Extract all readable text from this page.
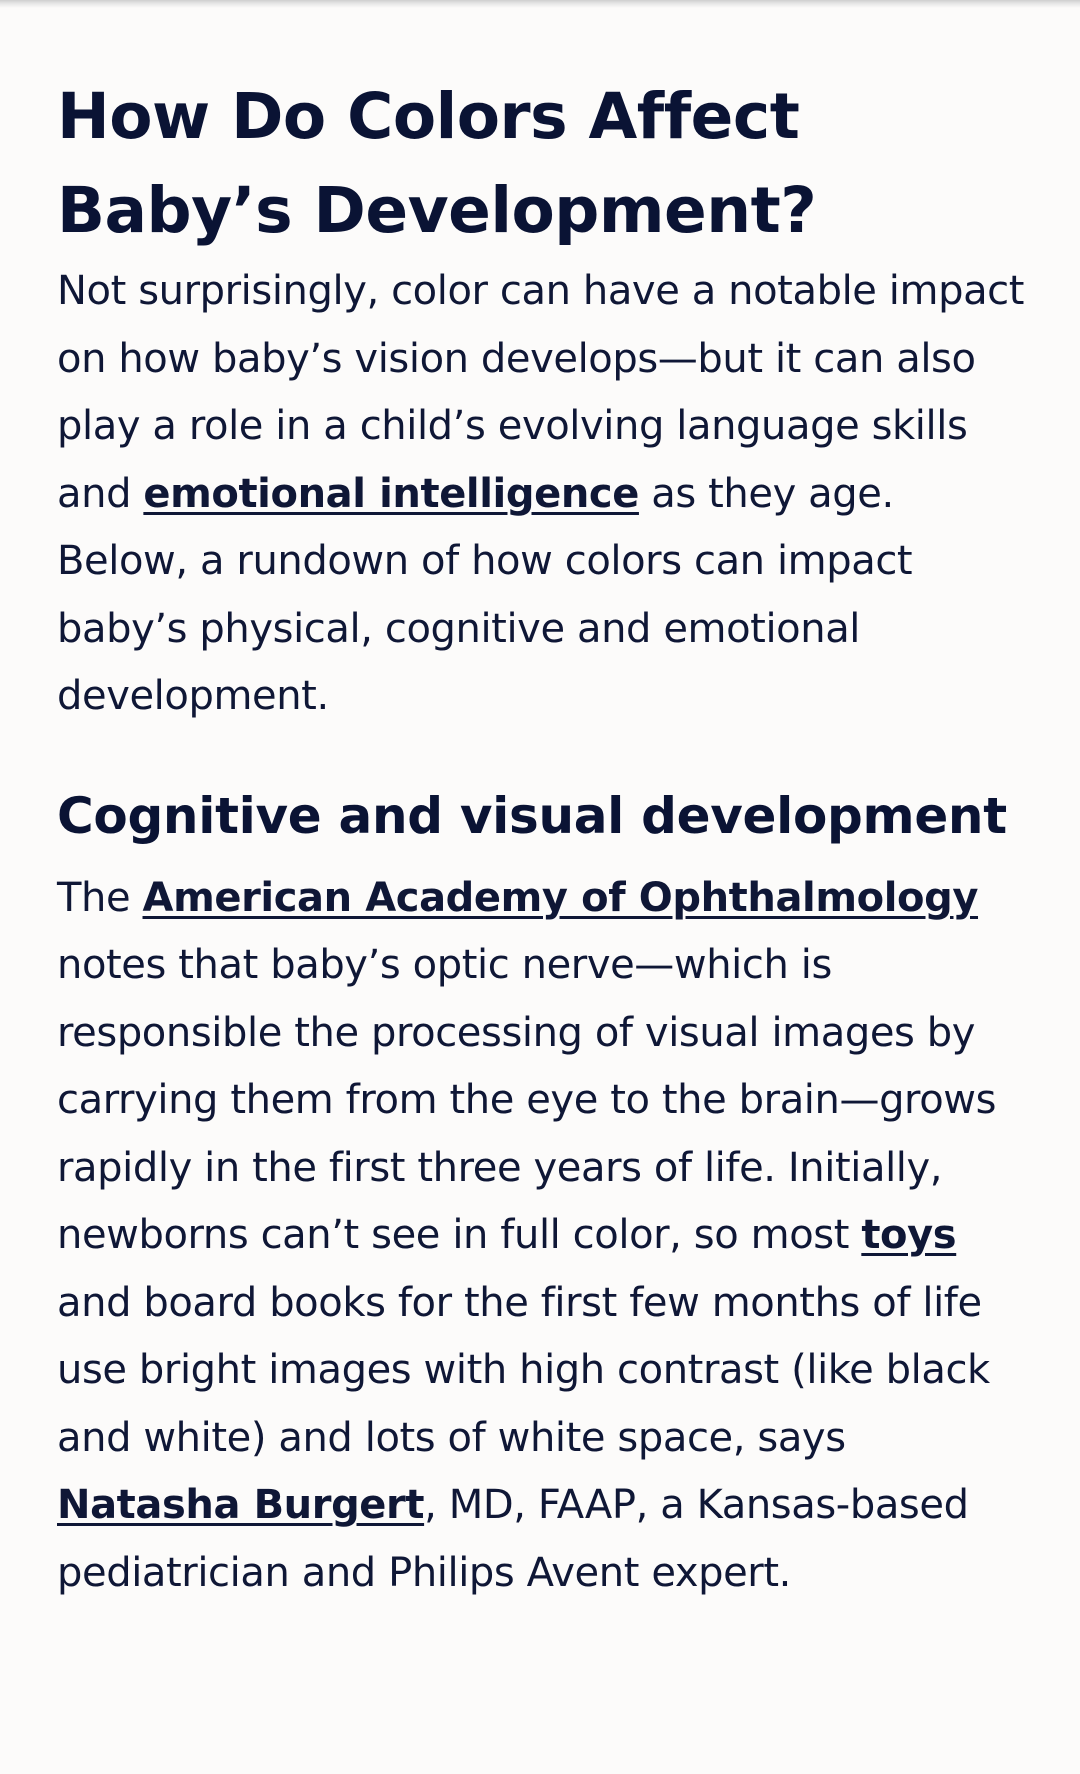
How Do Colors Affect Baby’s Development?

Not surprisingly, color can have a notable impact on how baby’s vision develops—but it can also play a role in a child’s evolving language skills and emotional intelligence as they age. Below, a rundown of how colors can impact baby’s physical, cognitive and emotional development.

Cognitive and visual development

The American Academy of Ophthalmology notes that baby’s optic nerve—which is responsible the processing of visual images by carrying them from the eye to the brain—grows rapidly in the first three years of life. Initially, newborns can’t see in full color, so most toys and board books for the first few months of life use bright images with high contrast (like black and white) and lots of white space, says Natasha Burgert, MD, FAAP, a Kansas-based pediatrician and Philips Avent expert.
